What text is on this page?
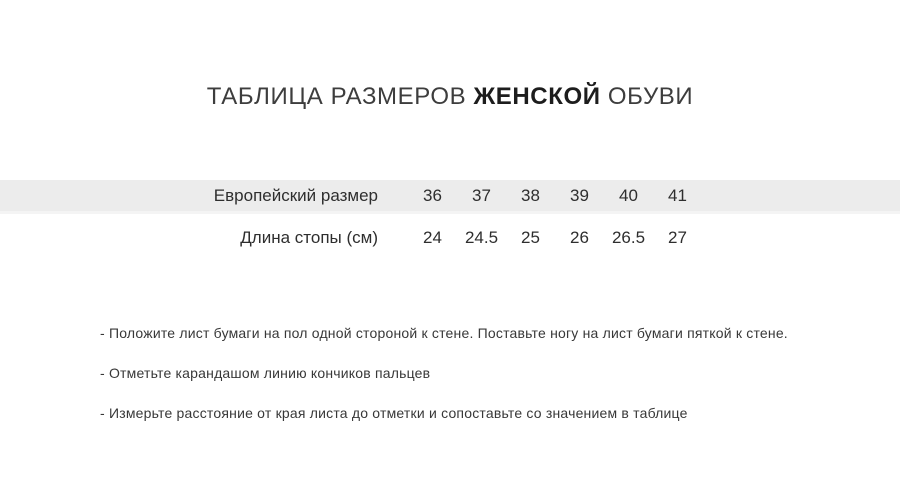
ТАБЛИЦА РАЗМЕРОВ ЖЕНСКОЙ ОБУВИ
Европейский размер	36	37	38	39	40	41
Длина стопы (см)	24	24.5	25	26	26.5	27

- Положите лист бумаги на пол одной стороной к стене. Поставьте ногу на лист бумаги пяткой к стене.

- Отметьте карандашом линию кончиков пальцев

- Измерьте расстояние от края листа до отметки и сопоставьте со значением в таблице
